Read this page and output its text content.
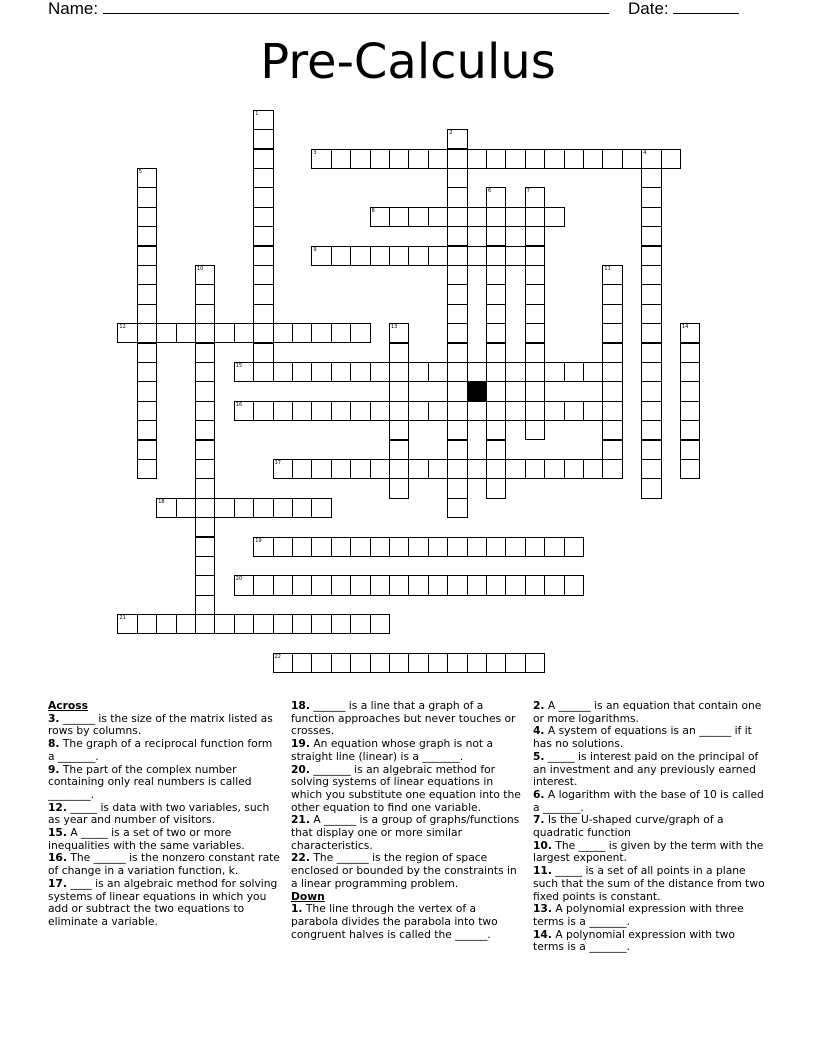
Name:	Date:
Pre-Calculus
1
2
3	4
5
6	7
8
9
10	11
12	13	14
15
16
17
18
19
20
21
22
Across
3. ______ is the size of the matrix listed as rows by columns.
8. The graph of a reciprocal function form a _______.
9. The part of the complex number containing only real numbers is called ________.
12. _____ is data with two variables, such as year and number of visitors.
15. A _____ is a set of two or more inequalities with the same variables.
16. The ______ is the nonzero constant rate of change in a variation function, k.
17. ____ is an algebraic method for solving systems of linear equations in which you add or subtract the two equations to eliminate a variable.
18. ______ is a line that a graph of a function approaches but never touches or crosses.
19. An equation whose graph is not a straight line (linear) is a _______.
20. _______ is an algebraic method for solving systems of linear equations in which you substitute one equation into the other equation to find one variable.
21. A ______ is a group of graphs/functions that display one or more similar characteristics.
22. The ______ is the region of space enclosed or bounded by the constraints in a linear programming problem.
Down
1. The line through the vertex of a parabola divides the parabola into two congruent halves is called the ______.
2. A ______ is an equation that contain one or more logarithms.
4. A system of equations is an ______ if it has no solutions.
5. _____ is interest paid on the principal of an investment and any previously earned interest.
6. A logarithm with the base of 10 is called a _______.
7. Is the U-shaped curve/graph of a quadratic function
10. The _____ is given by the term with the largest exponent.
11. _____ is a set of all points in a plane such that the sum of the distance from two fixed points is constant.
13. A polynomial expression with three terms is a _______.
14. A polynomial expression with two terms is a _______.
